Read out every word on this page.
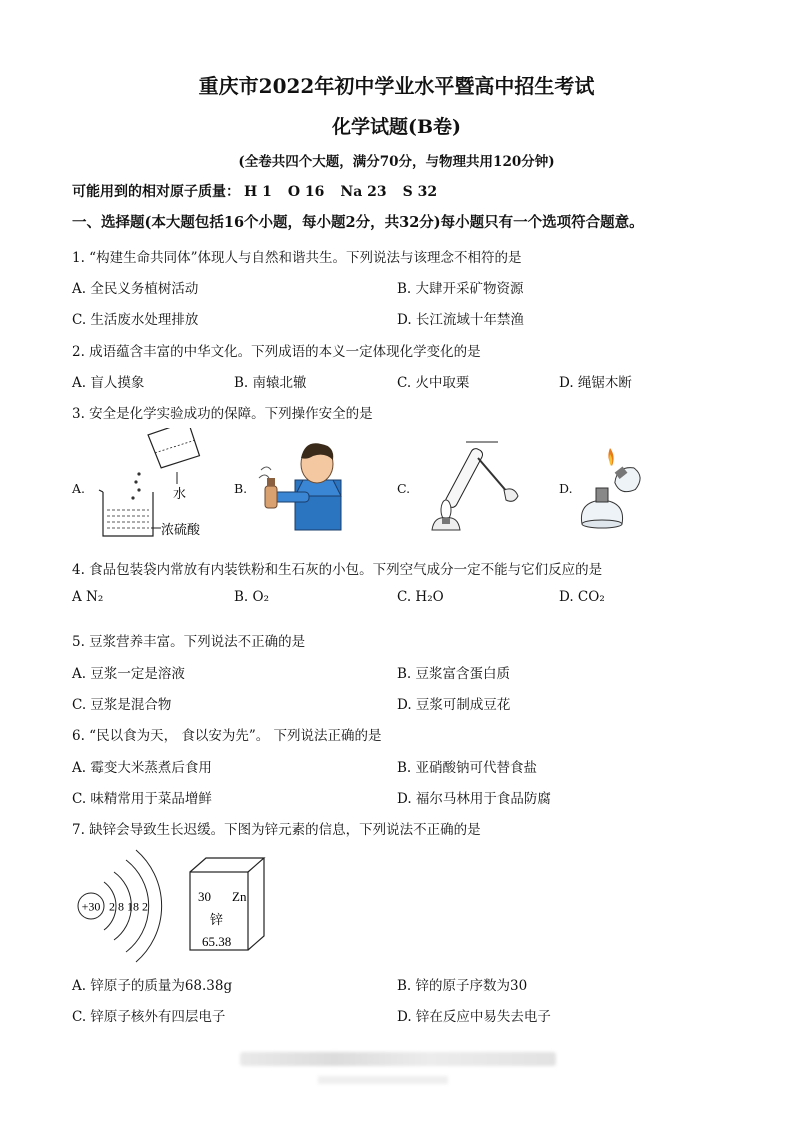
重庆市2022年初中学业水平暨高中招生考试
化学试题(B卷)
(全卷共四个大题，满分70分，与物理共用120分钟)
可能用到的相对原子质量： H 1 O 16 Na 23 S 32
一、选择题(本大题包括16个小题，每小题2分，共32分)每小题只有一个选项符合题意。
1. “构建生命共同体”体现人与自然和谐共生。下列说法与该理念不相符的是
A. 全民义务植树活动	B. 大肆开采矿物资源
C. 生活废水处理排放	D. 长江流域十年禁渔
2. 成语蕴含丰富的中华文化。下列成语的本义一定体现化学变化的是
A. 盲人摸象	B. 南辕北辙	C. 火中取栗	D. 绳锯木断
3. 安全是化学实验成功的保障。下列操作安全的是
A.	B.	C.	D.
水
浓硫酸
4. 食品包装袋内常放有内装铁粉和生石灰的小包。下列空气成分一定不能与它们反应的是
A N₂	B. O₂	C. H₂O	D. CO₂
5. 豆浆营养丰富。下列说法不正确的是
A. 豆浆一定是溶液	B. 豆浆富含蛋白质
C. 豆浆是混合物	D. 豆浆可制成豆花
6. “民以食为天， 食以安为先”。 下列说法正确的是
A. 霉变大米蒸煮后食用	B. 亚硝酸钠可代替食盐
C. 味精常用于菜品增鲜	D. 福尔马林用于食品防腐
7. 缺锌会导致生长迟缓。下图为锌元素的信息，下列说法不正确的是
+30 2 8 18 2
30 Zn
锌
65.38
A. 锌原子的质量为68.38g	B. 锌的原子序数为30
C. 锌原子核外有四层电子	D. 锌在反应中易失去电子
